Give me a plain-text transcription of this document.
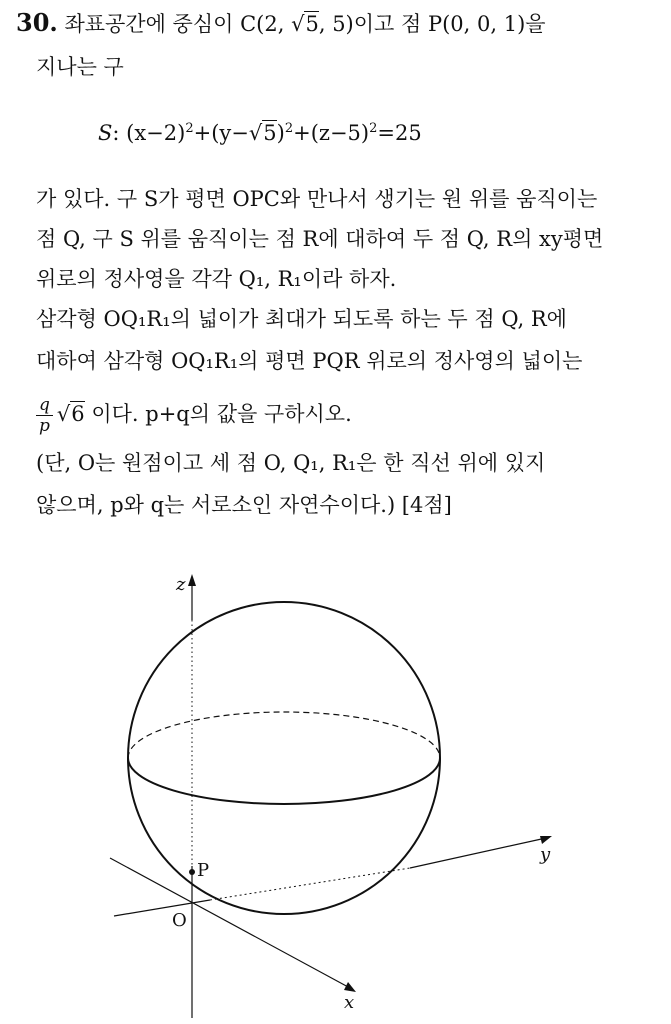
30. 좌표공간에 중심이 C(2, √5, 5)이고 점 P(0, 0, 1)을
지나는 구
S: $(x-2)^2+(y-√5)^2+(z-5)^2=25$
가 있다. 구 S가 평면 OPC와 만나서 생기는 원 위를 움직이는
점 Q, 구 S 위를 움직이는 점 R에 대하여 두 점 Q, R의 xy평면
위로의 정사영을 각각 Q₁, R₁이라 하자.
삼각형 OQ₁R₁의 넓이가 최대가 되도록 하는 두 점 Q, R에
대하여 삼각형 OQ₁R₁의 평면 PQR 위로의 정사영의 넓이는
$\frac{q}{p} √6$ 이다. p+q의 값을 구하시오.
(단, O는 원점이고 세 점 O, Q₁, R₁은 한 직선 위에 있지
않으며, p와 q는 서로소인 자연수이다.) [4점]
z
y
x
O
P
